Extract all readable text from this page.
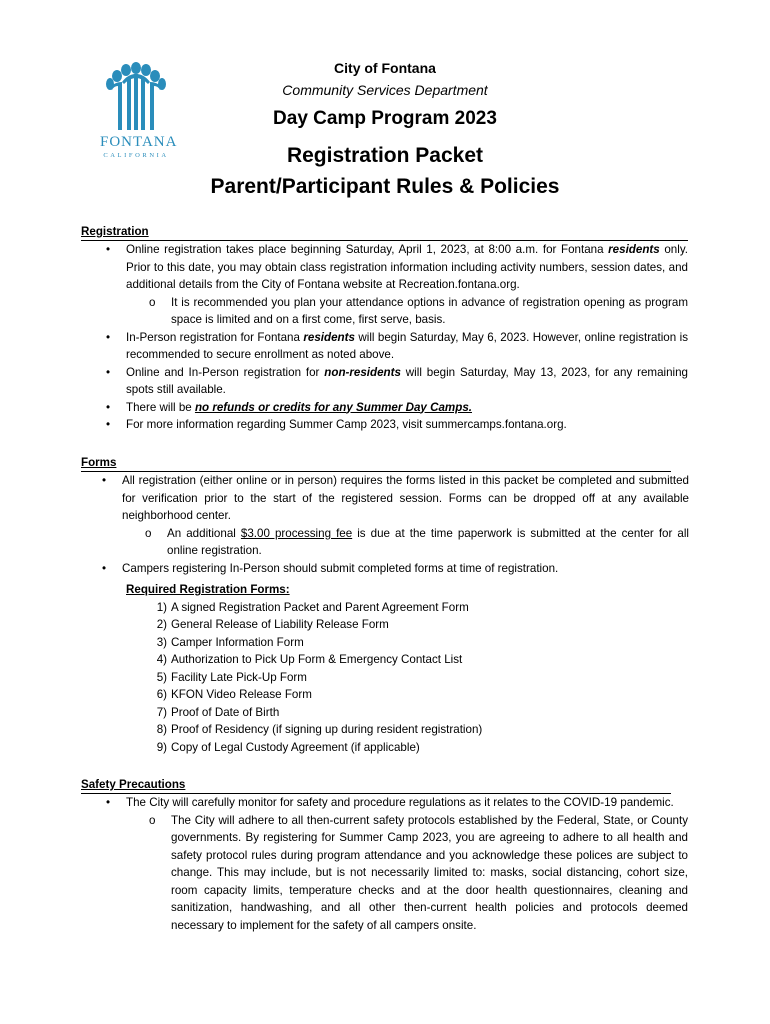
FONTANA
CALIFORNIA
City of Fontana
Community Services Department
Day Camp Program 2023
Registration Packet
Parent/Participant Rules & Policies
Registration
• Online registration takes place beginning Saturday, April 1, 2023, at 8:00 a.m. for Fontana residents only. Prior to this date, you may obtain class registration information including activity numbers, session dates, and additional details from the City of Fontana website at Recreation.fontana.org.
o It is recommended you plan your attendance options in advance of registration opening as program space is limited and on a first come, first serve, basis.
• In-Person registration for Fontana residents will begin Saturday, May 6, 2023. However, online registration is recommended to secure enrollment as noted above.
• Online and In-Person registration for non-residents will begin Saturday, May 13, 2023, for any remaining spots still available.
• There will be no refunds or credits for any Summer Day Camps.
• For more information regarding Summer Camp 2023, visit summercamps.fontana.org.
Forms
• All registration (either online or in person) requires the forms listed in this packet be completed and submitted for verification prior to the start of the registered session. Forms can be dropped off at any available neighborhood center.
o An additional $3.00 processing fee is due at the time paperwork is submitted at the center for all online registration.
• Campers registering In-Person should submit completed forms at time of registration.
Required Registration Forms:
1) A signed Registration Packet and Parent Agreement Form
2) General Release of Liability Release Form
3) Camper Information Form
4) Authorization to Pick Up Form & Emergency Contact List
5) Facility Late Pick-Up Form
6) KFON Video Release Form
7) Proof of Date of Birth
8) Proof of Residency (if signing up during resident registration)
9) Copy of Legal Custody Agreement (if applicable)
Safety Precautions
• The City will carefully monitor for safety and procedure regulations as it relates to the COVID-19 pandemic.
o The City will adhere to all then-current safety protocols established by the Federal, State, or County governments. By registering for Summer Camp 2023, you are agreeing to adhere to all health and safety protocol rules during program attendance and you acknowledge these polices are subject to change. This may include, but is not necessarily limited to: masks, social distancing, cohort size, room capacity limits, temperature checks and at the door health questionnaires, cleaning and sanitization, handwashing, and all other then-current health policies and protocols deemed necessary to implement for the safety of all campers onsite.
